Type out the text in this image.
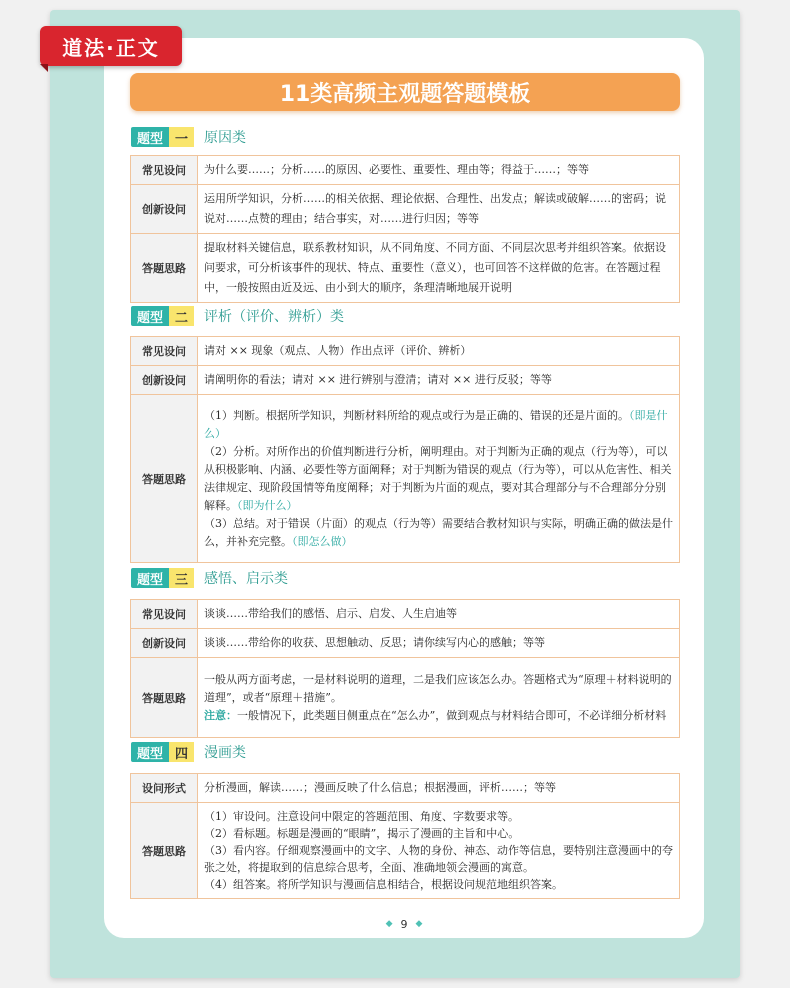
道法·正文
11类高频主观题答题模板
题型 一	原因类
常见设问	为什么要……；分析……的原因、必要性、重要性、理由等；得益于……；等等
创新设问	运用所学知识，分析……的相关依据、理论依据、合理性、出发点；解读或破解……的密码；说说对……点赞的理由；结合事实，对……进行归因；等等
答题思路	提取材料关键信息，联系教材知识，从不同角度、不同方面、不同层次思考并组织答案。依据设问要求，可分析该事件的现状、特点、重要性（意义），也可回答不这样做的危害。在答题过程中，一般按照由近及远、由小到大的顺序，条理清晰地展开说明
题型 二	评析（评价、辨析）类
常见设问	请对 ×× 现象（观点、人物）作出点评（评价、辨析）
创新设问	请阐明你的看法；请对 ×× 进行辨别与澄清；请对 ×× 进行反驳；等等
答题思路	（1）判断。根据所学知识，判断材料所给的观点或行为是正确的、错误的还是片面的。（即是什么）
（2）分析。对所作出的价值判断进行分析，阐明理由。对于判断为正确的观点（行为等），可以从积极影响、内涵、必要性等方面阐释；对于判断为错误的观点（行为等），可以从危害性、相关法律规定、现阶段国情等角度阐释；对于判断为片面的观点，要对其合理部分与不合理部分分别解释。（即为什么）
（3）总结。对于错误（片面）的观点（行为等）需要结合教材知识与实际，明确正确的做法是什么，并补充完整。（即怎么做）
题型 三	感悟、启示类
常见设问	谈谈……带给我们的感悟、启示、启发、人生启迪等
创新设问	谈谈……带给你的收获、思想触动、反思；请你续写内心的感触；等等
答题思路	一般从两方面考虑，一是材料说明的道理，二是我们应该怎么办。答题格式为“原理＋材料说明的道理”，或者“原理＋措施”。
注意：一般情况下，此类题目侧重点在“怎么办”，做到观点与材料结合即可，不必详细分析材料
题型 四	漫画类
设问形式	分析漫画，解读……；漫画反映了什么信息；根据漫画，评析……；等等
答题思路	（1）审设问。注意设问中限定的答题范围、角度、字数要求等。
（2）看标题。标题是漫画的“眼睛”，揭示了漫画的主旨和中心。
（3）看内容。仔细观察漫画中的文字、人物的身份、神态、动作等信息，要特别注意漫画中的夸张之处，将提取到的信息综合思考，全面、准确地领会漫画的寓意。
（4）组答案。将所学知识与漫画信息相结合，根据设问规范地组织答案。
◆ 9 ◆
